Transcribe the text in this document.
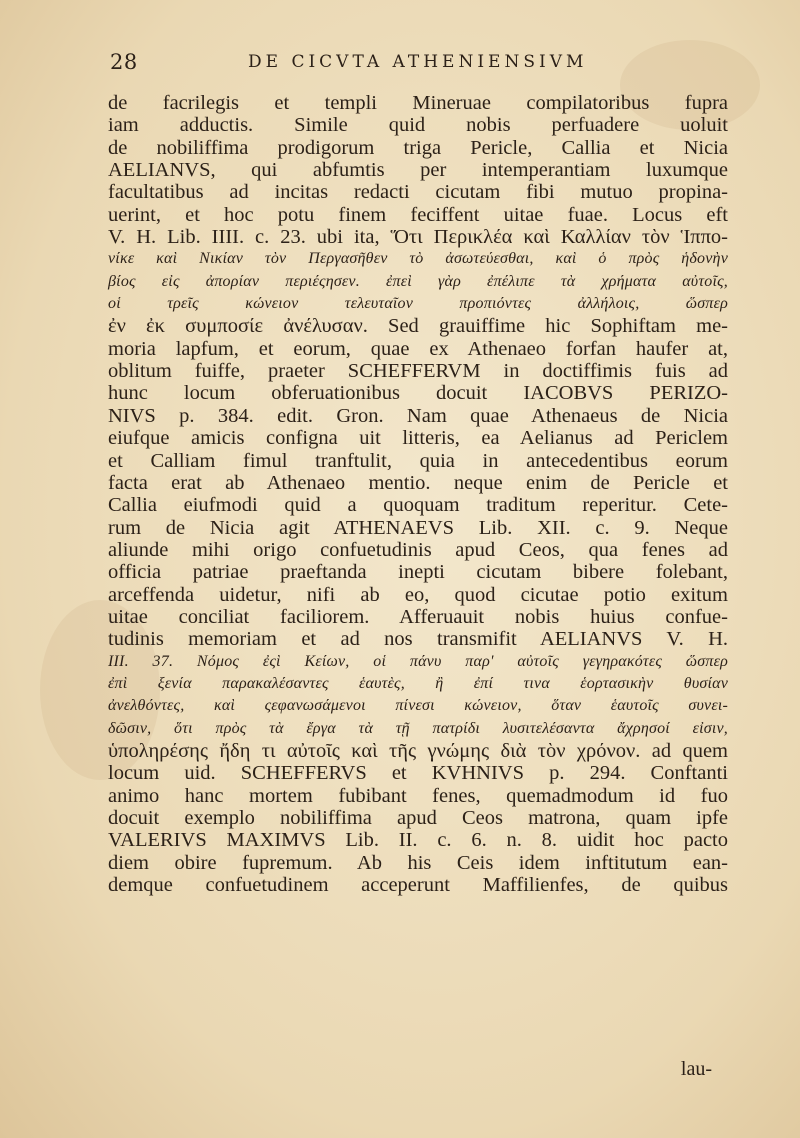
28	DE CICVTA ATHENIENSIVM
de facrilegis et templi Mineruae compilatoribus fupra
iam adductis. Simile quid nobis perfuadere uoluit
de nobiliffima prodigorum triga Pericle, Callia et Nicia
AELIANVS, qui abfumtis per intemperantiam luxumque
facultatibus ad incitas redacti cicutam fibi mutuo propina-
uerint, et hoc potu finem feciffent uitae fuae. Locus eft
V. H. Lib. IIII. c. 23. ubi ita, Ὅτι Περικλέα καὶ Καλλίαν τὸν Ἱππο-
νίκε καὶ Νικίαν τὸν Περγασῆθεν τὸ ἀσωτεύεσθαι, καὶ ὁ πρὸς ἡδονὴν
βίος εἰς ἀπορίαν περιέςησεν. ἐπεὶ γὰρ ἐπέλιπε τὰ χρήματα αὐτοῖς,
οἱ τρεῖς κώνειον τελευταῖον προπιόντες ἀλλήλοις, ὥσπερ
ἐν ἐκ συμποσίε ἀνέλυσαν. Sed grauiffime hic Sophiftam me-
moria lapfum, et eorum, quae ex Athenaeo forfan haufer at,
oblitum fuiffe, praeter SCHEFFERVM in doctiffimis fuis ad
hunc locum obferuationibus docuit IACOBVS PERIZO-
NIVS p. 384. edit. Gron. Nam quae Athenaeus de Nicia
eiufque amicis configna uit litteris, ea Aelianus ad Periclem
et Calliam fimul tranftulit, quia in antecedentibus eorum
facta erat ab Athenaeo mentio. neque enim de Pericle et
Callia eiufmodi quid a quoquam traditum reperitur. Cete-
rum de Nicia agit ATHENAEVS Lib. XII. c. 9. Neque
aliunde mihi origo confuetudinis apud Ceos, qua fenes ad
officia patriae praeftanda inepti cicutam bibere folebant,
arceffenda uidetur, nifi ab eo, quod cicutae potio exitum
uitae conciliat faciliorem. Afferuauit nobis huius confue-
tudinis memoriam et ad nos transmifit AELIANVS V. H.
III. 37. Νόμος ἐςὶ Κείων, οἱ πάνυ παρ' αὐτοῖς γεγηρακότες ὥσπερ
ἐπὶ ξενία παρακαλέσαντες ἑαυτὲς, ἢ ἐπί τινα ἑορτασικὴν θυσίαν
ἀνελθόντες, καὶ ςεφανωσάμενοι πίνεσι κώνειον, ὅταν ἑαυτοῖς συνει-
δῶσιν, ὅτι πρὸς τὰ ἔργα τὰ τῇ πατρίδι λυσιτελέσαντα ἄχρησοί εἰσιν,
ὑποληρέσης ἤδη τι αὐτοῖς καὶ τῆς γνώμης διὰ τὸν χρόνον. ad quem
locum uid. SCHEFFERVS et KVHNIVS p. 294. Conftanti
animo hanc mortem fubibant fenes, quemadmodum id fuo
docuit exemplo nobiliffima apud Ceos matrona, quam ipfe
VALERIVS MAXIMVS Lib. II. c. 6. n. 8. uidit hoc pacto
diem obire fupremum. Ab his Ceis idem inftitutum ean-
demque confuetudinem acceperunt Maffilienfes, de quibus
lau-
